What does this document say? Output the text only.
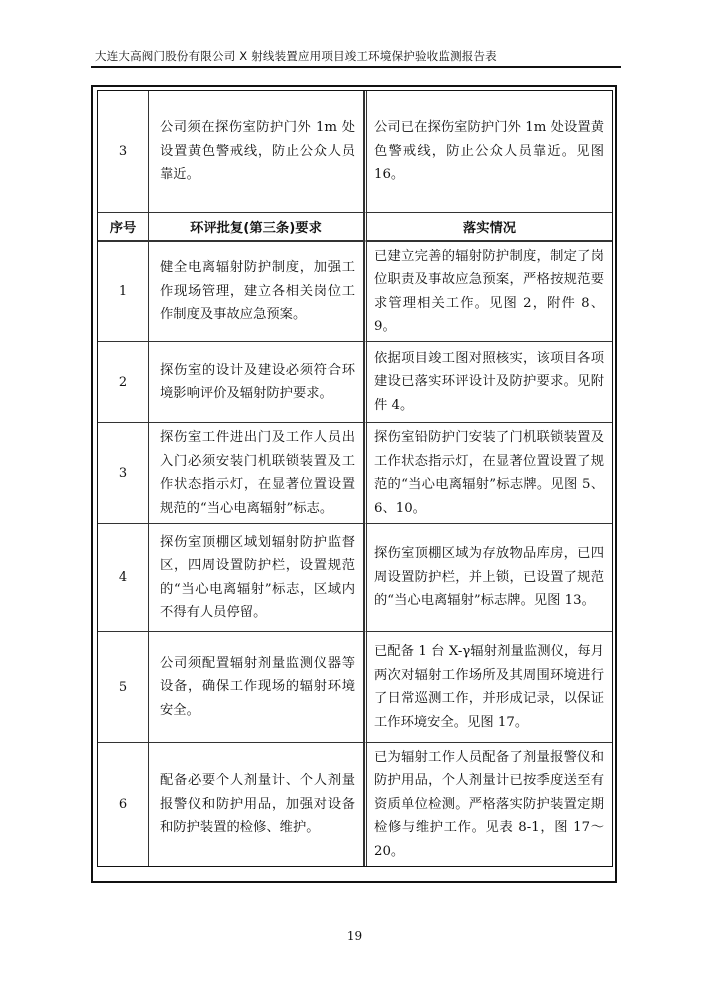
大连大高阀门股份有限公司 X 射线装置应用项目竣工环境保护验收监测报告表
3	公司须在探伤室防护门外 1m 处设置黄色警戒线，防止公众人员靠近。	公司已在探伤室防护门外 1m 处设置黄色警戒线，防止公众人员靠近。见图 16。

序号	环评批复(第三条)要求	落实情况
1	健全电离辐射防护制度，加强工作现场管理，建立各相关岗位工作制度及事故应急预案。	已建立完善的辐射防护制度，制定了岗位职责及事故应急预案，严格按规范要求管理相关工作。见图 2，附件 8、9。

2	探伤室的设计及建设必须符合环境影响评价及辐射防护要求。	依据项目竣工图对照核实，该项目各项建设已落实环评设计及防护要求。见附件 4。

3	探伤室工件进出门及工作人员出入门必须安装门机联锁装置及工作状态指示灯，在显著位置设置规范的“当心电离辐射”标志。	探伤室铅防护门安装了门机联锁装置及工作状态指示灯，在显著位置设置了规范的“当心电离辐射”标志牌。见图 5、6、10。

4	探伤室顶棚区域划辐射防护监督区，四周设置防护栏，设置规范的“当心电离辐射”标志，区域内不得有人员停留。	探伤室顶棚区域为存放物品库房，已四周设置防护栏，并上锁，已设置了规范的“当心电离辐射”标志牌。见图 13。

5	公司须配置辐射剂量监测仪器等设备，确保工作现场的辐射环境安全。	已配备 1 台 X-γ辐射剂量监测仪，每月两次对辐射工作场所及其周围环境进行了日常巡测工作，并形成记录，以保证工作环境安全。见图 17。

6	配备必要个人剂量计、个人剂量报警仪和防护用品，加强对设备和防护装置的检修、维护。	已为辐射工作人员配备了剂量报警仪和防护用品，个人剂量计已按季度送至有资质单位检测。严格落实防护装置定期检修与维护工作。见表 8-1，图 17～20。
19
